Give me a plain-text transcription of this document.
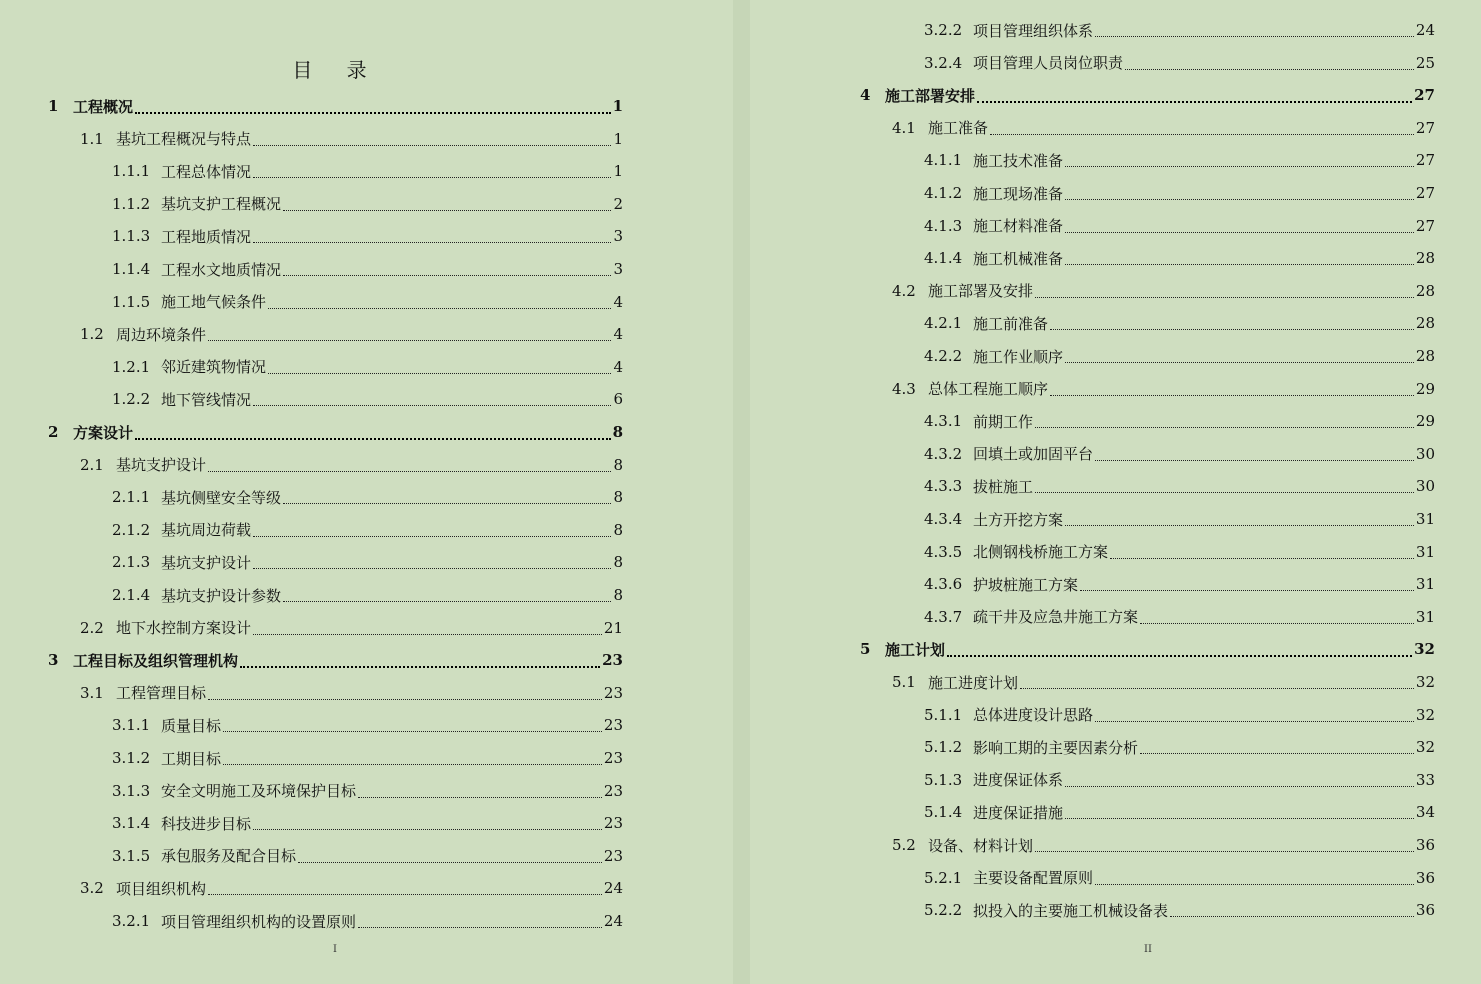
目 录
1 工程概况	1
1.1 基坑工程概况与特点	1
1.1.1 工程总体情况	1
1.1.2 基坑支护工程概况	2
1.1.3 工程地质情况	3
1.1.4 工程水文地质情况	3
1.1.5 施工地气候条件	4
1.2 周边环境条件	4
1.2.1 邻近建筑物情况	4
1.2.2 地下管线情况	6
2 方案设计	8
2.1 基坑支护设计	8
2.1.1 基坑侧壁安全等级	8
2.1.2 基坑周边荷载	8
2.1.3 基坑支护设计	8
2.1.4 基坑支护设计参数	8
2.2 地下水控制方案设计	21
3 工程目标及组织管理机构	23
3.1 工程管理目标	23
3.1.1 质量目标	23
3.1.2 工期目标	23
3.1.3 安全文明施工及环境保护目标	23
3.1.4 科技进步目标	23
3.1.5 承包服务及配合目标	23
3.2 项目组织机构	24
3.2.1 项目管理组织机构的设置原则	24
I
3.2.2 项目管理组织体系	24
3.2.4 项目管理人员岗位职责	25
4 施工部署安排	27
4.1 施工准备	27
4.1.1 施工技术准备	27
4.1.2 施工现场准备	27
4.1.3 施工材料准备	27
4.1.4 施工机械准备	28
4.2 施工部署及安排	28
4.2.1 施工前准备	28
4.2.2 施工作业顺序	28
4.3 总体工程施工顺序	29
4.3.1 前期工作	29
4.3.2 回填土或加固平台	30
4.3.3 拔桩施工	30
4.3.4 土方开挖方案	31
4.3.5 北侧钢栈桥施工方案	31
4.3.6 护坡桩施工方案	31
4.3.7 疏干井及应急井施工方案	31
5 施工计划	32
5.1 施工进度计划	32
5.1.1 总体进度设计思路	32
5.1.2 影响工期的主要因素分析	32
5.1.3 进度保证体系	33
5.1.4 进度保证措施	34
5.2 设备、材料计划	36
5.2.1 主要设备配置原则	36
5.2.2 拟投入的主要施工机械设备表	36
II
